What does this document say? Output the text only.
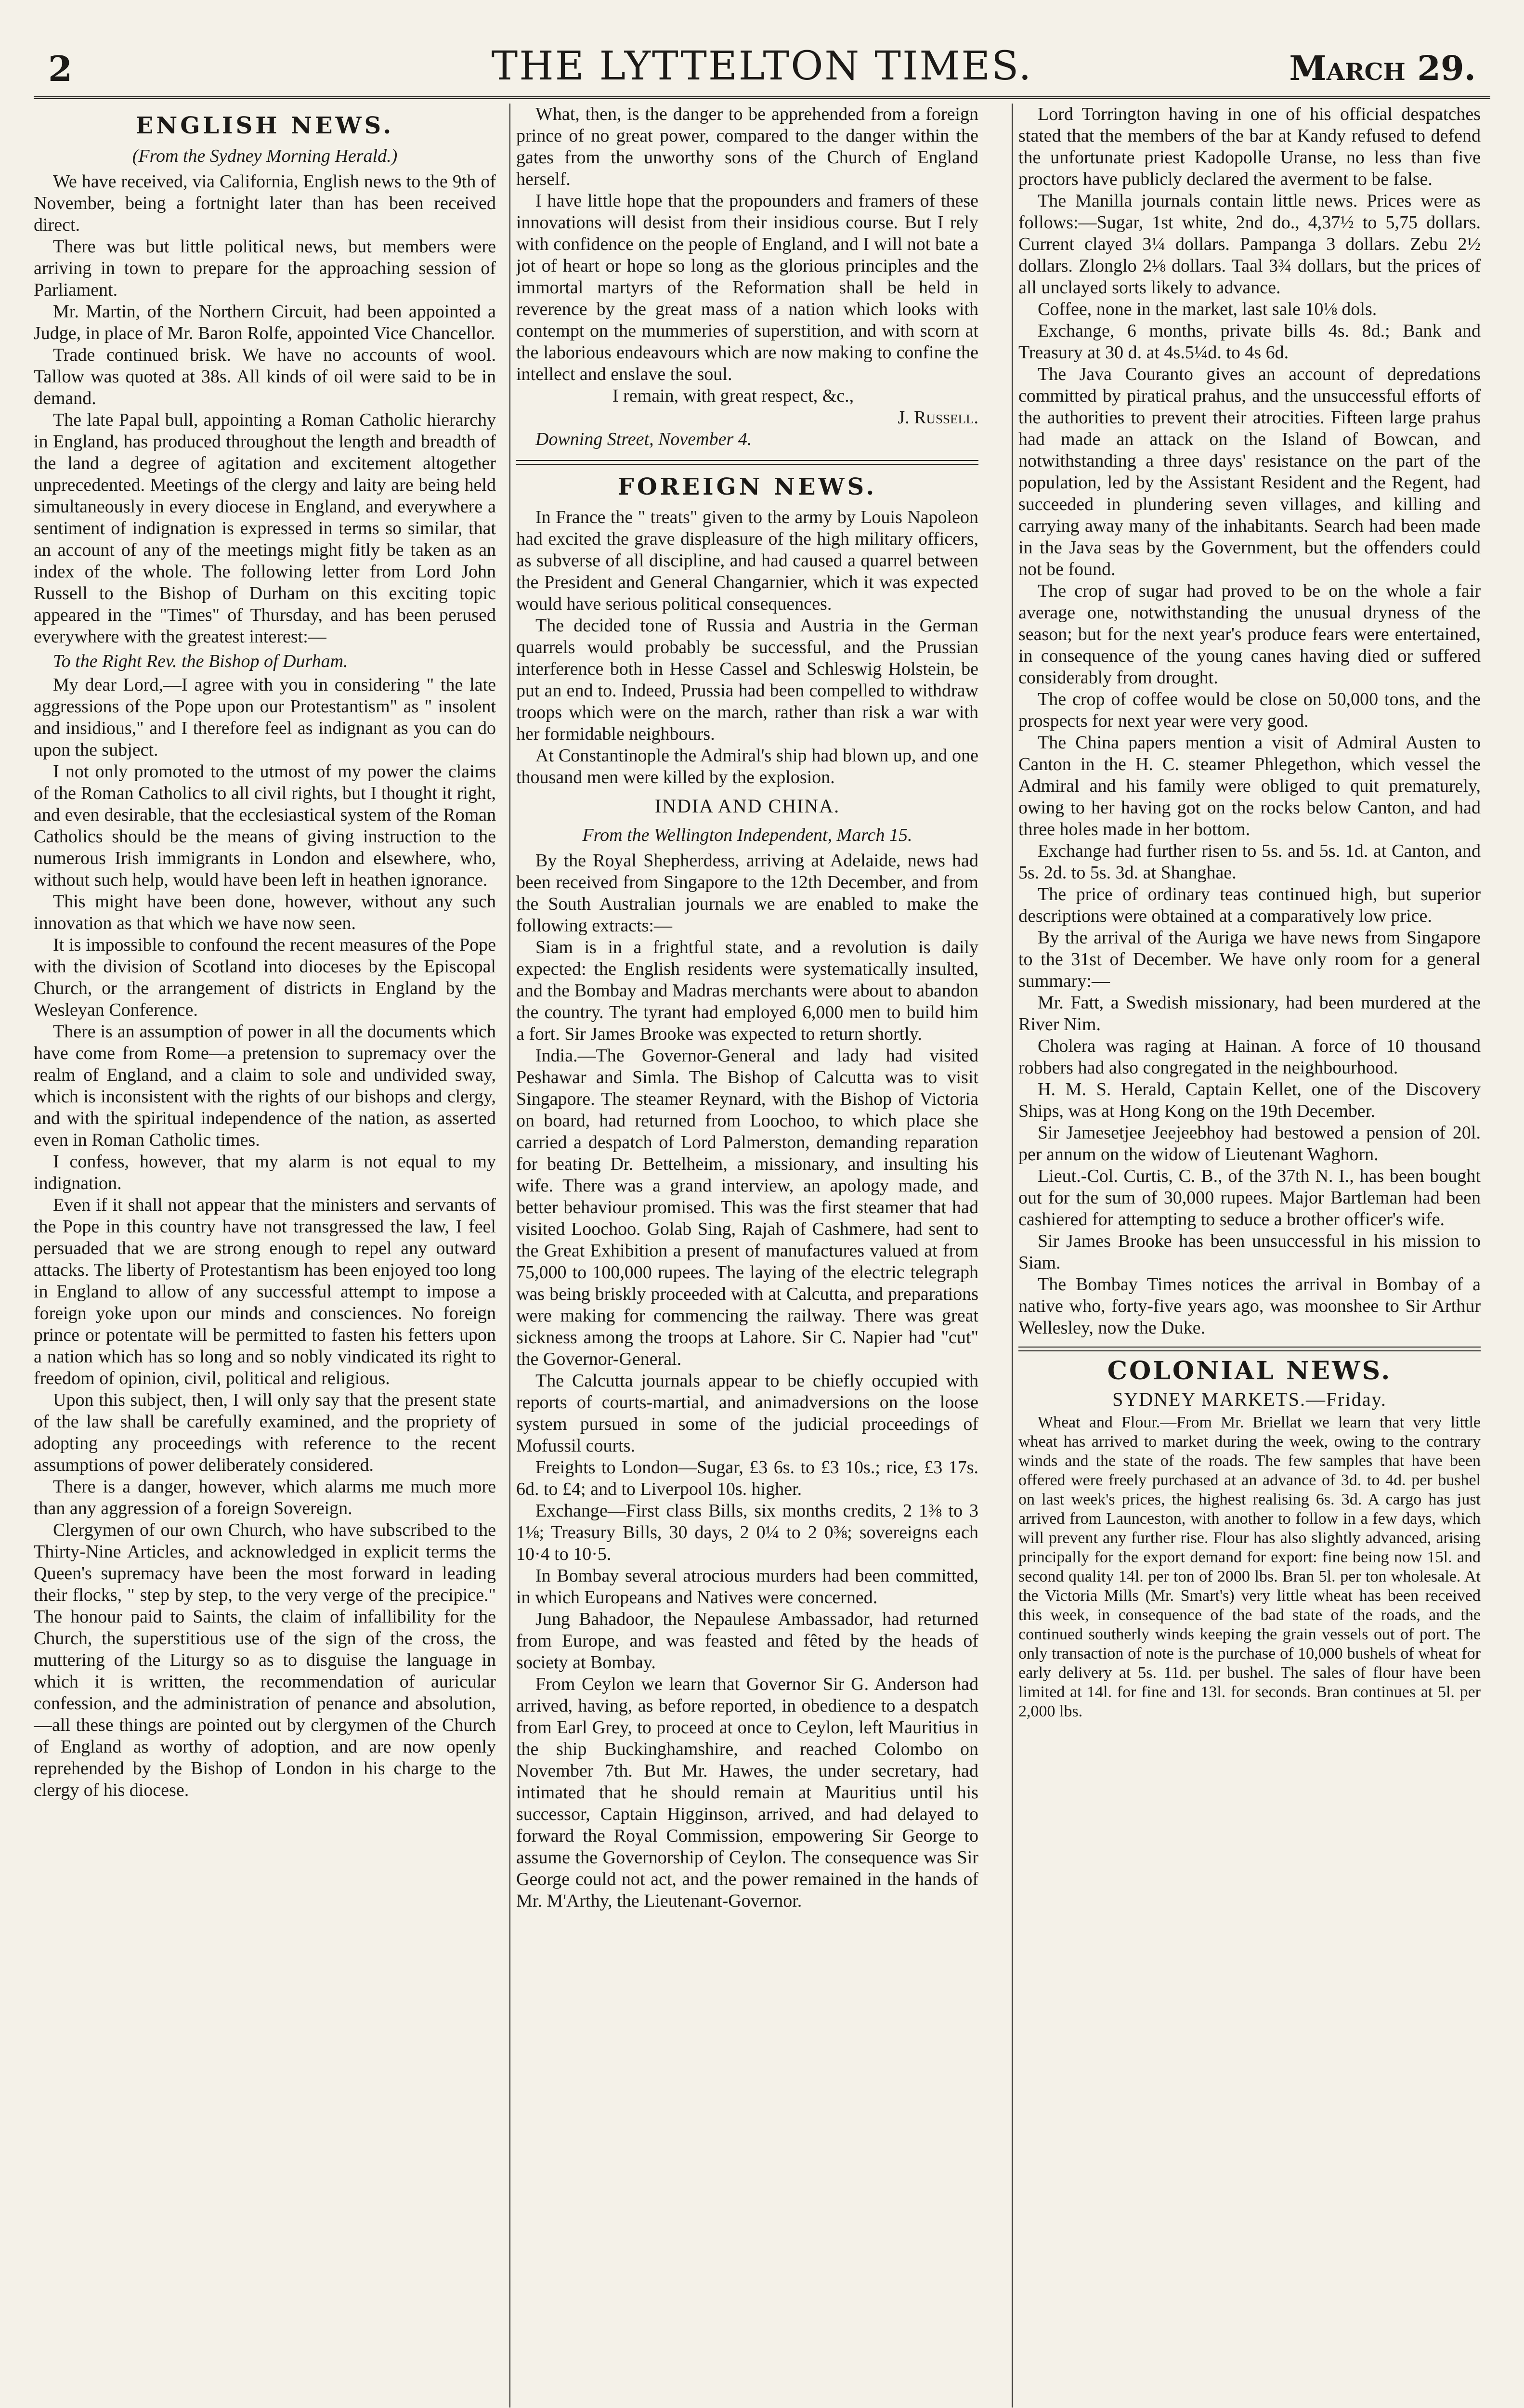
2	THE LYTTELTON TIMES.	March 29.

ENGLISH NEWS.

(From the Sydney Morning Herald.)

We have received, via California, English news to the 9th of November, being a fortnight later than has been received direct.

There was but little political news, but members were arriving in town to prepare for the approaching session of Parliament.

Mr. Martin, of the Northern Circuit, had been appointed a Judge, in place of Mr. Baron Rolfe, appointed Vice Chancellor.

Trade continued brisk. We have no accounts of wool. Tallow was quoted at 38s. All kinds of oil were said to be in demand.

The late Papal bull, appointing a Roman Catholic hierarchy in England, has produced throughout the length and breadth of the land a degree of agitation and excitement altogether unprecedented. Meetings of the clergy and laity are being held simultaneously in every diocese in England, and everywhere a sentiment of indignation is expressed in terms so similar, that an account of any of the meetings might fitly be taken as an index of the whole. The following letter from Lord John Russell to the Bishop of Durham on this exciting topic appeared in the "Times" of Thursday, and has been perused everywhere with the greatest interest:—

To the Right Rev. the Bishop of Durham.

My dear Lord,—I agree with you in considering " the late aggressions of the Pope upon our Protestantism" as " insolent and insidious," and I therefore feel as indignant as you can do upon the subject.

I not only promoted to the utmost of my power the claims of the Roman Catholics to all civil rights, but I thought it right, and even desirable, that the ecclesiastical system of the Roman Catholics should be the means of giving instruction to the numerous Irish immigrants in London and elsewhere, who, without such help, would have been left in heathen ignorance.

This might have been done, however, without any such innovation as that which we have now seen.

It is impossible to confound the recent measures of the Pope with the division of Scotland into dioceses by the Episcopal Church, or the arrangement of districts in England by the Wesleyan Conference.

There is an assumption of power in all the documents which have come from Rome—a pretension to supremacy over the realm of England, and a claim to sole and undivided sway, which is inconsistent with the rights of our bishops and clergy, and with the spiritual independence of the nation, as asserted even in Roman Catholic times.

I confess, however, that my alarm is not equal to my indignation.

Even if it shall not appear that the ministers and servants of the Pope in this country have not transgressed the law, I feel persuaded that we are strong enough to repel any outward attacks. The liberty of Protestantism has been enjoyed too long in England to allow of any successful attempt to impose a foreign yoke upon our minds and consciences. No foreign prince or potentate will be permitted to fasten his fetters upon a nation which has so long and so nobly vindicated its right to freedom of opinion, civil, political and religious.

Upon this subject, then, I will only say that the present state of the law shall be carefully examined, and the propriety of adopting any proceedings with reference to the recent assumptions of power deliberately considered.

There is a danger, however, which alarms me much more than any aggression of a foreign Sovereign.

Clergymen of our own Church, who have subscribed to the Thirty-Nine Articles, and acknowledged in explicit terms the Queen's supremacy have been the most forward in leading their flocks, " step by step, to the very verge of the precipice." The honour paid to Saints, the claim of infallibility for the Church, the superstitious use of the sign of the cross, the muttering of the Liturgy so as to disguise the language in which it is written, the recommendation of auricular confession, and the administration of penance and absolution,—all these things are pointed out by clergymen of the Church of England as worthy of adoption, and are now openly reprehended by the Bishop of London in his charge to the clergy of his diocese.

What, then, is the danger to be apprehended from a foreign prince of no great power, compared to the danger within the gates from the unworthy sons of the Church of England herself.

I have little hope that the propounders and framers of these innovations will desist from their insidious course. But I rely with confidence on the people of England, and I will not bate a jot of heart or hope so long as the glorious principles and the immortal martyrs of the Reformation shall be held in reverence by the great mass of a nation which looks with contempt on the mummeries of superstition, and with scorn at the laborious endeavours which are now making to confine the intellect and enslave the soul.

I remain, with great respect, &c.,

J. Russell.

Downing Street, November 4.

FOREIGN NEWS.

In France the " treats" given to the army by Louis Napoleon had excited the grave displeasure of the high military officers, as subverse of all discipline, and had caused a quarrel between the President and General Changarnier, which it was expected would have serious political consequences.

The decided tone of Russia and Austria in the German quarrels would probably be successful, and the Prussian interference both in Hesse Cassel and Schleswig Holstein, be put an end to. Indeed, Prussia had been compelled to withdraw troops which were on the march, rather than risk a war with her formidable neighbours.

At Constantinople the Admiral's ship had blown up, and one thousand men were killed by the explosion.

INDIA AND CHINA.

From the Wellington Independent, March 15.

By the Royal Shepherdess, arriving at Adelaide, news had been received from Singapore to the 12th December, and from the South Australian journals we are enabled to make the following extracts:—

Siam is in a frightful state, and a revolution is daily expected: the English residents were systematically insulted, and the Bombay and Madras merchants were about to abandon the country. The tyrant had employed 6,000 men to build him a fort. Sir James Brooke was expected to return shortly.

India.—The Governor-General and lady had visited Peshawar and Simla. The Bishop of Calcutta was to visit Singapore. The steamer Reynard, with the Bishop of Victoria on board, had returned from Loochoo, to which place she carried a despatch of Lord Palmerston, demanding reparation for beating Dr. Bettelheim, a missionary, and insulting his wife. There was a grand interview, an apology made, and better behaviour promised. This was the first steamer that had visited Loochoo. Golab Sing, Rajah of Cashmere, had sent to the Great Exhibition a present of manufactures valued at from 75,000 to 100,000 rupees. The laying of the electric telegraph was being briskly proceeded with at Calcutta, and preparations were making for commencing the railway. There was great sickness among the troops at Lahore. Sir C. Napier had "cut" the Governor-General.

The Calcutta journals appear to be chiefly occupied with reports of courts-martial, and animadversions on the loose system pursued in some of the judicial proceedings of Mofussil courts.

Freights to London—Sugar, £3 6s. to £3 10s.; rice, £3 17s. 6d. to £4; and to Liverpool 10s. higher.

Exchange—First class Bills, six months credits, 2 1⅜ to 3 1⅛; Treasury Bills, 30 days, 2 0¼ to 2 0⅜; sovereigns each 10·4 to 10·5.

In Bombay several atrocious murders had been committed, in which Europeans and Natives were concerned.

Jung Bahadoor, the Nepaulese Ambassador, had returned from Europe, and was feasted and fêted by the heads of society at Bombay.

From Ceylon we learn that Governor Sir G. Anderson had arrived, having, as before reported, in obedience to a despatch from Earl Grey, to proceed at once to Ceylon, left Mauritius in the ship Buckinghamshire, and reached Colombo on November 7th. But Mr. Hawes, the under secretary, had intimated that he should remain at Mauritius until his successor, Captain Higginson, arrived, and had delayed to forward the Royal Commission, empowering Sir George to assume the Governorship of Ceylon. The consequence was Sir George could not act, and the power remained in the hands of Mr. M'Arthy, the Lieutenant-Governor.

Lord Torrington having in one of his official despatches stated that the members of the bar at Kandy refused to defend the unfortunate priest Kadopolle Uranse, no less than five proctors have publicly declared the averment to be false.

The Manilla journals contain little news. Prices were as follows:—Sugar, 1st white, 2nd do., 4,37½ to 5,75 dollars. Current clayed 3¼ dollars. Pampanga 3 dollars. Zebu 2½ dollars. Zlonglo 2⅛ dollars. Taal 3¾ dollars, but the prices of all unclayed sorts likely to advance.

Coffee, none in the market, last sale 10⅛ dols.

Exchange, 6 months, private bills 4s. 8d.; Bank and Treasury at 30 d. at 4s.5¼d. to 4s 6d.

The Java Couranto gives an account of depredations committed by piratical prahus, and the unsuccessful efforts of the authorities to prevent their atrocities. Fifteen large prahus had made an attack on the Island of Bowcan, and notwithstanding a three days' resistance on the part of the population, led by the Assistant Resident and the Regent, had succeeded in plundering seven villages, and killing and carrying away many of the inhabitants. Search had been made in the Java seas by the Government, but the offenders could not be found.

The crop of sugar had proved to be on the whole a fair average one, notwithstanding the unusual dryness of the season; but for the next year's produce fears were entertained, in consequence of the young canes having died or suffered considerably from drought.

The crop of coffee would be close on 50,000 tons, and the prospects for next year were very good.

The China papers mention a visit of Admiral Austen to Canton in the H. C. steamer Phlegethon, which vessel the Admiral and his family were obliged to quit prematurely, owing to her having got on the rocks below Canton, and had three holes made in her bottom.

Exchange had further risen to 5s. and 5s. 1d. at Canton, and 5s. 2d. to 5s. 3d. at Shanghae.

The price of ordinary teas continued high, but superior descriptions were obtained at a comparatively low price.

By the arrival of the Auriga we have news from Singapore to the 31st of December. We have only room for a general summary:—

Mr. Fatt, a Swedish missionary, had been murdered at the River Nim.

Cholera was raging at Hainan. A force of 10 thousand robbers had also congregated in the neighbourhood.

H. M. S. Herald, Captain Kellet, one of the Discovery Ships, was at Hong Kong on the 19th December.

Sir Jamesetjee Jeejeebhoy had bestowed a pension of 20l. per annum on the widow of Lieutenant Waghorn.

Lieut.-Col. Curtis, C. B., of the 37th N. I., has been bought out for the sum of 30,000 rupees. Major Bartleman had been cashiered for attempting to seduce a brother officer's wife.

Sir James Brooke has been unsuccessful in his mission to Siam.

The Bombay Times notices the arrival in Bombay of a native who, forty-five years ago, was moonshee to Sir Arthur Wellesley, now the Duke.

COLONIAL NEWS.

SYDNEY MARKETS.—Friday.

Wheat and Flour.—From Mr. Briellat we learn that very little wheat has arrived to market during the week, owing to the contrary winds and the state of the roads. The few samples that have been offered were freely purchased at an advance of 3d. to 4d. per bushel on last week's prices, the highest realising 6s. 3d. A cargo has just arrived from Launceston, with another to follow in a few days, which will prevent any further rise. Flour has also slightly advanced, arising principally for the export demand for export: fine being now 15l. and second quality 14l. per ton of 2000 lbs. Bran 5l. per ton wholesale. At the Victoria Mills (Mr. Smart's) very little wheat has been received this week, in consequence of the bad state of the roads, and the continued southerly winds keeping the grain vessels out of port. The only transaction of note is the purchase of 10,000 bushels of wheat for early delivery at 5s. 11d. per bushel. The sales of flour have been limited at 14l. for fine and 13l. for seconds. Bran continues at 5l. per 2,000 lbs.
